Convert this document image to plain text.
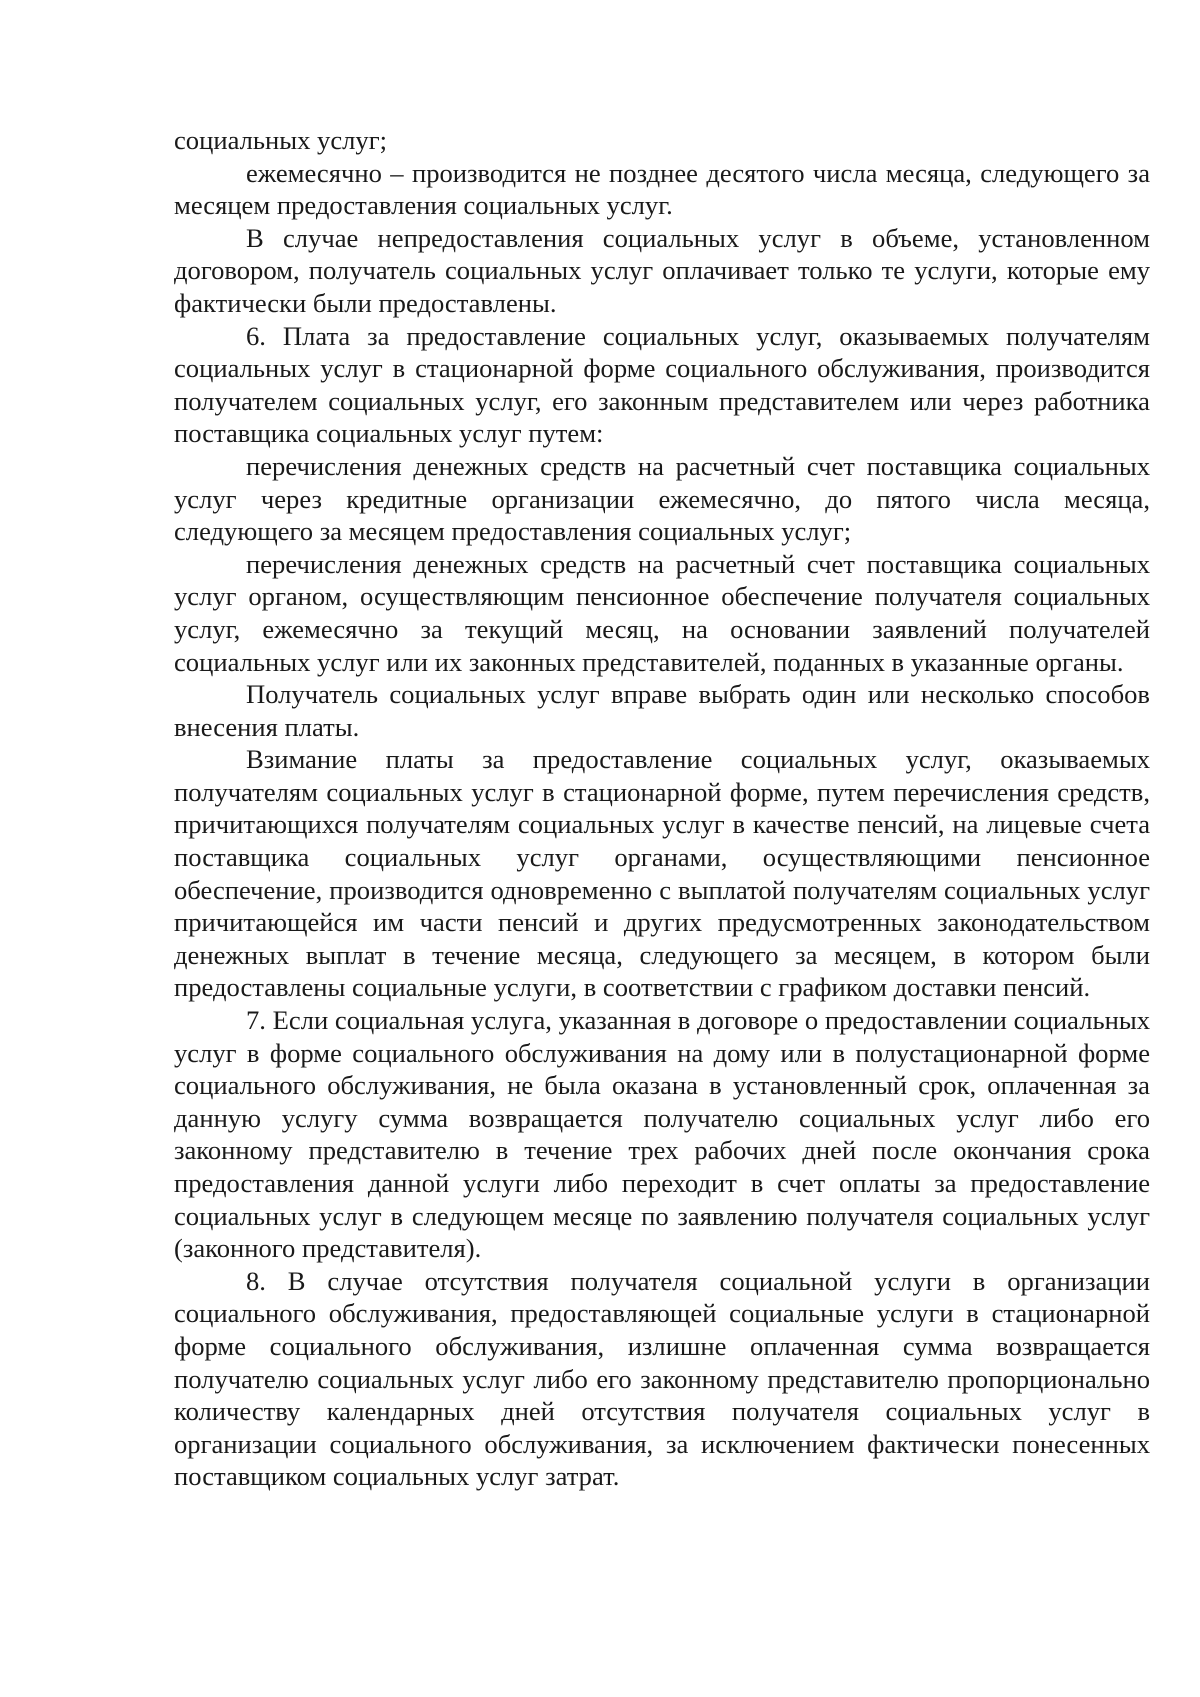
социальных услуг;

ежемесячно – производится не позднее десятого числа месяца, следующего за месяцем предоставления социальных услуг.

В случае непредоставления социальных услуг в объеме, установленном договором, получатель социальных услуг оплачивает только те услуги, которые ему фактически были предоставлены.

6. Плата за предоставление социальных услуг, оказываемых получателям социальных услуг в стационарной форме социального обслуживания, производится получателем социальных услуг, его законным представителем или через работника поставщика социальных услуг путем:

перечисления денежных средств на расчетный счет поставщика социальных услуг через кредитные организации ежемесячно, до пятого числа месяца, следующего за месяцем предоставления социальных услуг;

перечисления денежных средств на расчетный счет поставщика социальных услуг органом, осуществляющим пенсионное обеспечение получателя социальных услуг, ежемесячно за текущий месяц, на основании заявлений получателей социальных услуг или их законных представителей, поданных в указанные органы.

Получатель социальных услуг вправе выбрать один или несколько способов внесения платы.

Взимание платы за предоставление социальных услуг, оказываемых получателям социальных услуг в стационарной форме, путем перечисления средств, причитающихся получателям социальных услуг в качестве пенсий, на лицевые счета поставщика социальных услуг органами, осуществляющими пенсионное обеспечение, производится одновременно с выплатой получателям социальных услуг причитающейся им части пенсий и других предусмотренных законодательством денежных выплат в течение месяца, следующего за месяцем, в котором были предоставлены социальные услуги, в соответствии с графиком доставки пенсий.

7. Если социальная услуга, указанная в договоре о предоставлении социальных услуг в форме социального обслуживания на дому или в полустационарной форме социального обслуживания, не была оказана в установленный срок, оплаченная за данную услугу сумма возвращается получателю социальных услуг либо его законному представителю в течение трех рабочих дней после окончания срока предоставления данной услуги либо переходит в счет оплаты за предоставление социальных услуг в следующем месяце по заявлению получателя социальных услуг (законного представителя).

8. В случае отсутствия получателя социальной услуги в организации социального обслуживания, предоставляющей социальные услуги в стационарной форме социального обслуживания, излишне оплаченная сумма возвращается получателю социальных услуг либо его законному представителю пропорционально количеству календарных дней отсутствия получателя социальных услуг в организации социального обслуживания, за исключением фактически понесенных поставщиком социальных услуг затрат.
